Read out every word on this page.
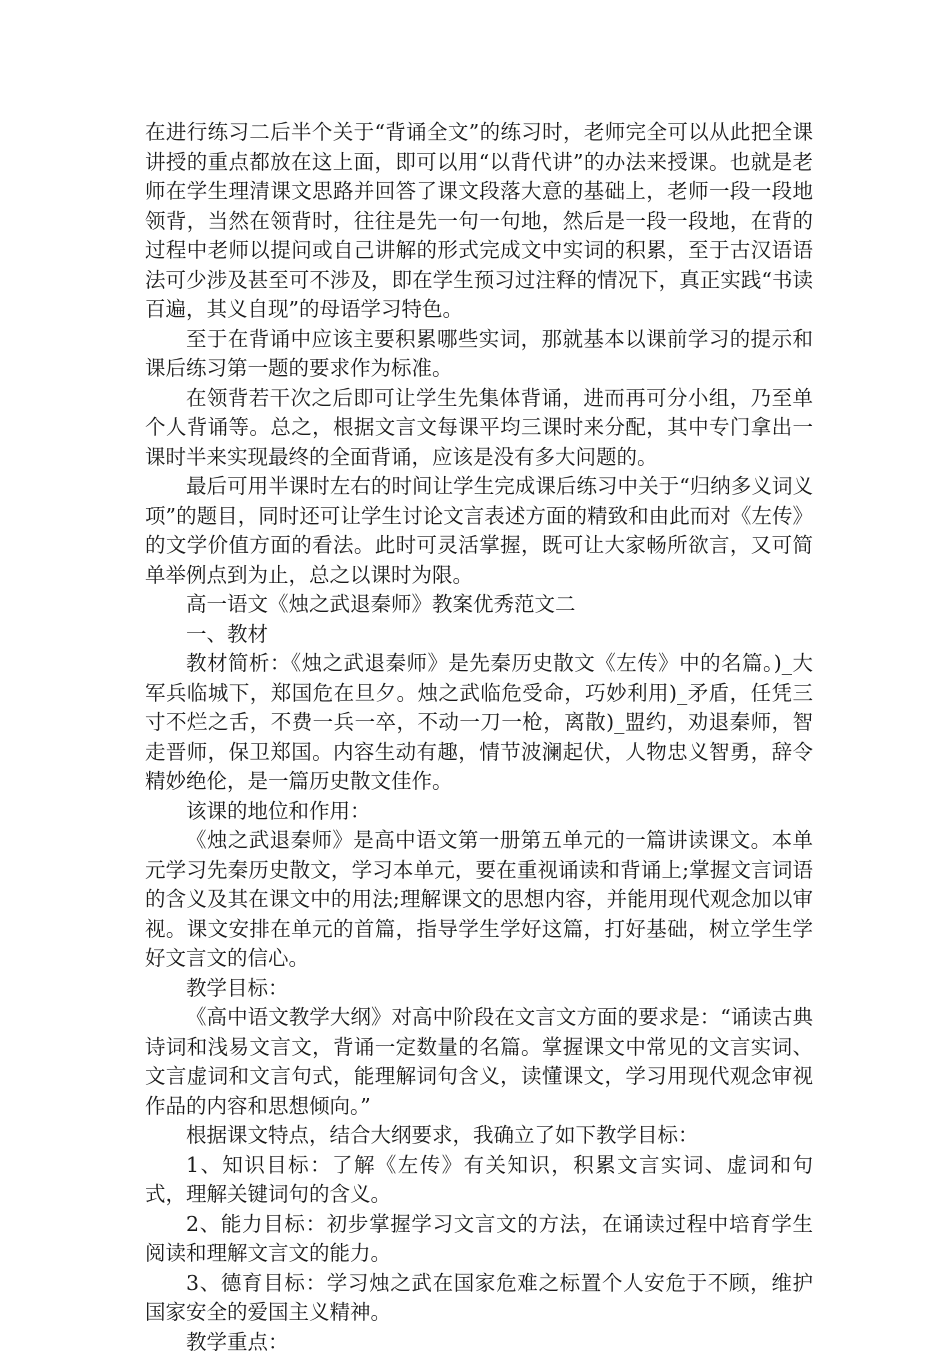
在进行练习二后半个关于“背诵全文”的练习时，老师完全可以从此把全课讲授的重点都放在这上面，即可以用“以背代讲”的办法来授课。也就是老师在学生理清课文思路并回答了课文段落大意的基础上，老师一段一段地领背，当然在领背时，往往是先一句一句地，然后是一段一段地，在背的过程中老师以提问或自己讲解的形式完成文中实词的积累，至于古汉语语法可少涉及甚至可不涉及，即在学生预习过注释的情况下，真正实践“书读百遍，其义自现”的母语学习特色。

至于在背诵中应该主要积累哪些实词，那就基本以课前学习的提示和课后练习第一题的要求作为标准。

在领背若干次之后即可让学生先集体背诵，进而再可分小组，乃至单个人背诵等。总之，根据文言文每课平均三课时来分配，其中专门拿出一课时半来实现最终的全面背诵，应该是没有多大问题的。

最后可用半课时左右的时间让学生完成课后练习中关于“归纳多义词义项”的题目，同时还可让学生讨论文言表述方面的精致和由此而对《左传》的文学价值方面的看法。此时可灵活掌握，既可让大家畅所欲言，又可简单举例点到为止，总之以课时为限。

高一语文《烛之武退秦师》教案优秀范文二

一、教材

教材简析：《烛之武退秦师》是先秦历史散文《左传》中的名篇。)_大军兵临城下，郑国危在旦夕。烛之武临危受命，巧妙利用)_矛盾，任凭三寸不烂之舌，不费一兵一卒，不动一刀一枪，离散)_盟约，劝退秦师，智走晋师，保卫郑国。内容生动有趣，情节波澜起伏，人物忠义智勇，辞令精妙绝伦，是一篇历史散文佳作。

该课的地位和作用：

《烛之武退秦师》是高中语文第一册第五单元的一篇讲读课文。本单元学习先秦历史散文，学习本单元，要在重视诵读和背诵上;掌握文言词语的含义及其在课文中的用法;理解课文的思想内容，并能用现代观念加以审视。课文安排在单元的首篇，指导学生学好这篇，打好基础，树立学生学好文言文的信心。

教学目标：

《高中语文教学大纲》对高中阶段在文言文方面的要求是：“诵读古典诗词和浅易文言文，背诵一定数量的名篇。掌握课文中常见的文言实词、文言虚词和文言句式，能理解词句含义，读懂课文，学习用现代观念审视作品的内容和思想倾向。”

根据课文特点，结合大纲要求，我确立了如下教学目标：

1、知识目标：了解《左传》有关知识，积累文言实词、虚词和句式，理解关键词句的含义。

2、能力目标：初步掌握学习文言文的方法，在诵读过程中培育学生阅读和理解文言文的能力。

3、德育目标：学习烛之武在国家危难之标置个人安危于不顾，维护国家安全的爱国主义精神。

教学重点：
